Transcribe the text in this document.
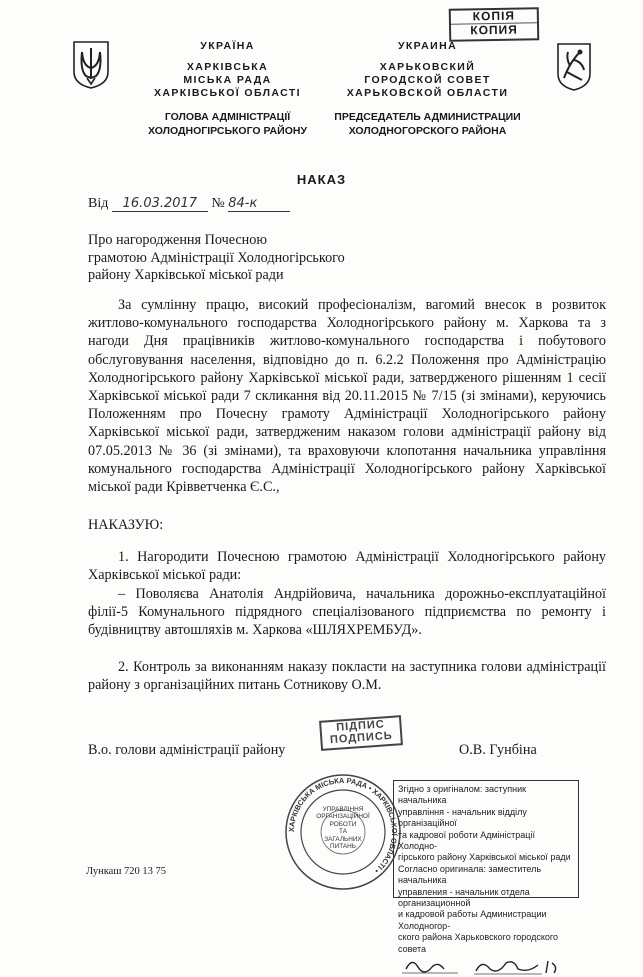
КОПІЯ
КОПИЯ
УКРАЇНА
ХАРКІВСЬКА
МІСЬКА РАДА
ХАРКІВСЬКОЇ ОБЛАСТІ
ГОЛОВА АДМІНІСТРАЦІЇ
ХОЛОДНОГІРСЬКОГО РАЙОНУ
УКРАИНА
ХАРЬКОВСКИЙ
ГОРОДСКОЙ СОВЕТ
ХАРЬКОВСКОЙ ОБЛАСТИ
ПРЕДСЕДАТЕЛЬ АДМИНИСТРАЦИИ
ХОЛОДНОГОРСКОГО РАЙОНА
НАКАЗ
Від 16.03.2017 № 84-к
Про нагородження Почесною
грамотою Адміністрації Холодногірського
району Харківської міської ради
За сумлінну працю, високий професіоналізм, вагомий внесок в розвиток житлово-комунального господарства Холодногірського району м. Харкова та з нагоди Дня працівників житлово-комунального господарства і побутового обслуговування населення, відповідно до п. 6.2.2 Положення про Адміністрацію Холодногірського району Харківської міської ради, затвердженого рішенням 1 сесії Харківської міської ради 7 скликання від 20.11.2015 № 7/15 (зі змінами), керуючись Положенням про Почесну грамоту Адміністрації Холодногірського району Харківської міської ради, затвердженим наказом голови адміністрації району від 07.05.2013 № 36 (зі змінами), та враховуючи клопотання начальника управління комунального господарства Адміністрації Холодногірського району Харківської міської ради Крівветченка Є.С.,
НАКАЗУЮ:
1. Нагородити Почесною грамотою Адміністрації Холодногірського району Харківської міської ради:
– Поволяєва Анатолія Андрійовича, начальника дорожньо-експлуатаційної філії-5 Комунального підрядного спеціалізованого підприємства по ремонту і будівництву автошляхів м. Харкова «ШЛЯХРЕМБУД».
2. Контроль за виконанням наказу покласти на заступника голови адміністрації району з організаційних питань Сотникову О.М.
ПІДПИС
ПОДПИСЬ
В.о. голови адміністрації району	О.В. Гунбіна
ХАРКІВСЬКА МІСЬКА РАДА • ХАРКІВСЬКОЇ ОБЛАСТІ •
УПРАВЛІННЯ
ОРГАНІЗАЦІЙНОЇ
РОБОТИ
ТА
ЗАГАЛЬНИХ
ПИТАНЬ
Згідно з оригіналом: заступник начальника
управління - начальник відділу організаційної
та кадрової роботи Адміністрації Холодно-
гірського району Харківської міської ради
Согласно оригинала: заместитель начальника
управления - начальник отдела организационной
и кадровой работы Администрации Холодногор-
ского района Харьковского городского совета
Лункаш 720 13 75
